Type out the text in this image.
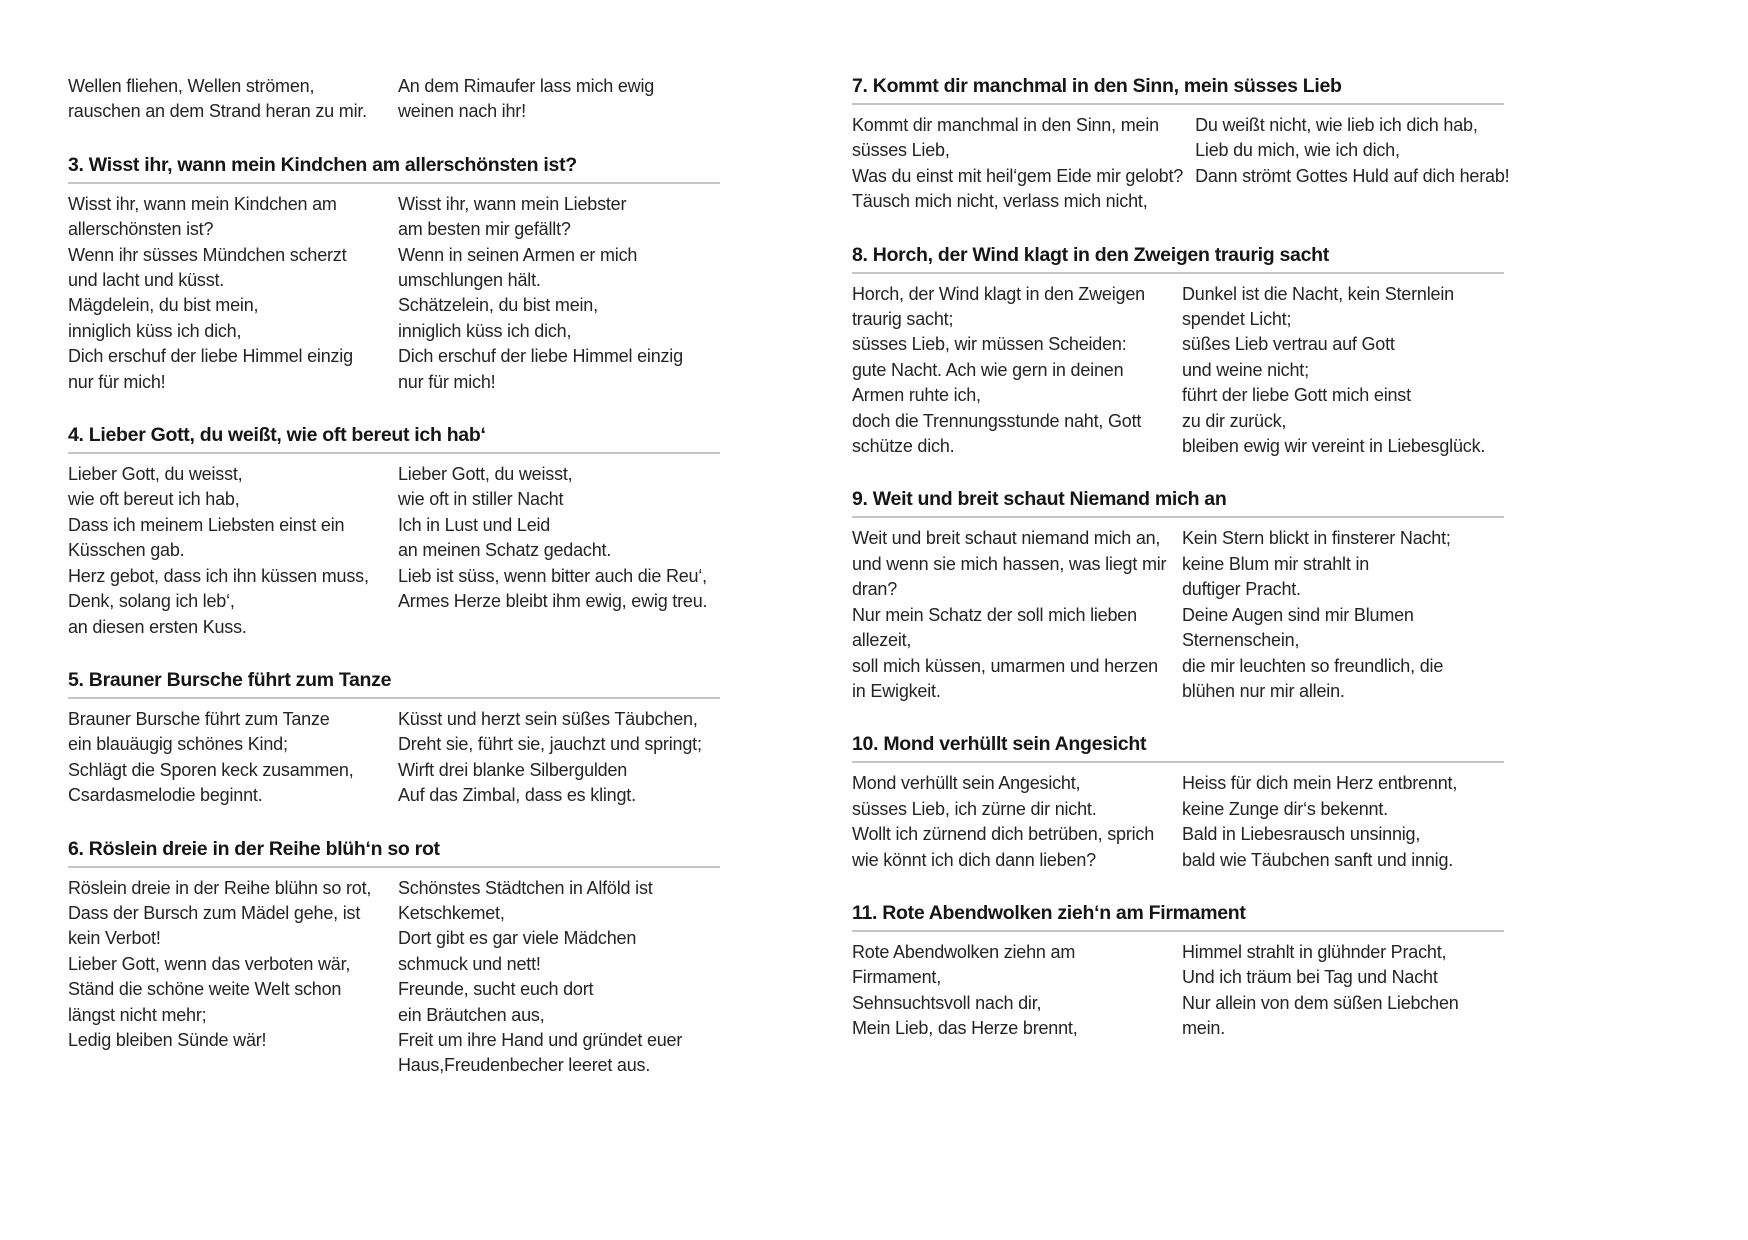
Wellen fliehen, Wellen strömen,
rauschen an dem Strand heran zu mir.
An dem Rimaufer lass mich ewig
weinen nach ihr!
3. Wisst ihr, wann mein Kindchen am allerschönsten ist?
Wisst ihr, wann mein Kindchen am
allerschönsten ist?
Wenn ihr süsses Mündchen scherzt
und lacht und küsst.
Mägdelein, du bist mein,
inniglich küss ich dich,
Dich erschuf der liebe Himmel einzig
nur für mich!
Wisst ihr, wann mein Liebster
am besten mir gefällt?
Wenn in seinen Armen er mich
umschlungen hält.
Schätzelein, du bist mein,
inniglich küss ich dich,
Dich erschuf der liebe Himmel einzig
nur für mich!
4. Lieber Gott, du weißt, wie oft bereut ich hab‘
Lieber Gott, du weisst,
wie oft bereut ich hab,
Dass ich meinem Liebsten einst ein
Küsschen gab.
Herz gebot, dass ich ihn küssen muss,
Denk, solang ich leb‘,
an diesen ersten Kuss.
Lieber Gott, du weisst,
wie oft in stiller Nacht
Ich in Lust und Leid
an meinen Schatz gedacht.
Lieb ist süss, wenn bitter auch die Reu‘,
Armes Herze bleibt ihm ewig, ewig treu.
5. Brauner Bursche führt zum Tanze
Brauner Bursche führt zum Tanze
ein blauäugig schönes Kind;
Schlägt die Sporen keck zusammen,
Csardasmelodie beginnt.
Küsst und herzt sein süßes Täubchen,
Dreht sie, führt sie, jauchzt und springt;
Wirft drei blanke Silbergulden
Auf das Zimbal, dass es klingt.
6. Röslein dreie in der Reihe blüh‘n so rot
Röslein dreie in der Reihe blühn so rot,
Dass der Bursch zum Mädel gehe, ist
kein Verbot!
Lieber Gott, wenn das verboten wär,
Ständ die schöne weite Welt schon
längst nicht mehr;
Ledig bleiben Sünde wär!
Schönstes Städtchen in Alföld ist
Ketschkemet,
Dort gibt es gar viele Mädchen
schmuck und nett!
Freunde, sucht euch dort
ein Bräutchen aus,
Freit um ihre Hand und gründet euer
Haus,Freudenbecher leeret aus.
7. Kommt dir manchmal in den Sinn, mein süsses Lieb
Kommt dir manchmal in den Sinn, mein
süsses Lieb,
Was du einst mit heil‘gem Eide mir gelobt?
Täusch mich nicht, verlass mich nicht,
Du weißt nicht, wie lieb ich dich hab,
Lieb du mich, wie ich dich,
Dann strömt Gottes Huld auf dich herab!
8. Horch, der Wind klagt in den Zweigen traurig sacht
Horch, der Wind klagt in den Zweigen
traurig sacht;
süsses Lieb, wir müssen Scheiden:
gute Nacht. Ach wie gern in deinen
Armen ruhte ich,
doch die Trennungsstunde naht, Gott
schütze dich.
Dunkel ist die Nacht, kein Sternlein
spendet Licht;
süßes Lieb vertrau auf Gott
und weine nicht;
führt der liebe Gott mich einst
zu dir zurück,
bleiben ewig wir vereint in Liebesglück.
9. Weit und breit schaut Niemand mich an
Weit und breit schaut niemand mich an,
und wenn sie mich hassen, was liegt mir
dran?
Nur mein Schatz der soll mich lieben
allezeit,
soll mich küssen, umarmen und herzen
in Ewigkeit.
Kein Stern blickt in finsterer Nacht;
keine Blum mir strahlt in
duftiger Pracht.
Deine Augen sind mir Blumen
Sternenschein,
die mir leuchten so freundlich, die
blühen nur mir allein.
10. Mond verhüllt sein Angesicht
Mond verhüllt sein Angesicht,
süsses Lieb, ich zürne dir nicht.
Wollt ich zürnend dich betrüben, sprich
wie könnt ich dich dann lieben?
Heiss für dich mein Herz entbrennt,
keine Zunge dir‘s bekennt.
Bald in Liebesrausch unsinnig,
bald wie Täubchen sanft und innig.
11. Rote Abendwolken zieh‘n am Firmament
Rote Abendwolken ziehn am
Firmament,
Sehnsuchtsvoll nach dir,
Mein Lieb, das Herze brennt,
Himmel strahlt in glühnder Pracht,
Und ich träum bei Tag und Nacht
Nur allein von dem süßen Liebchen
mein.
